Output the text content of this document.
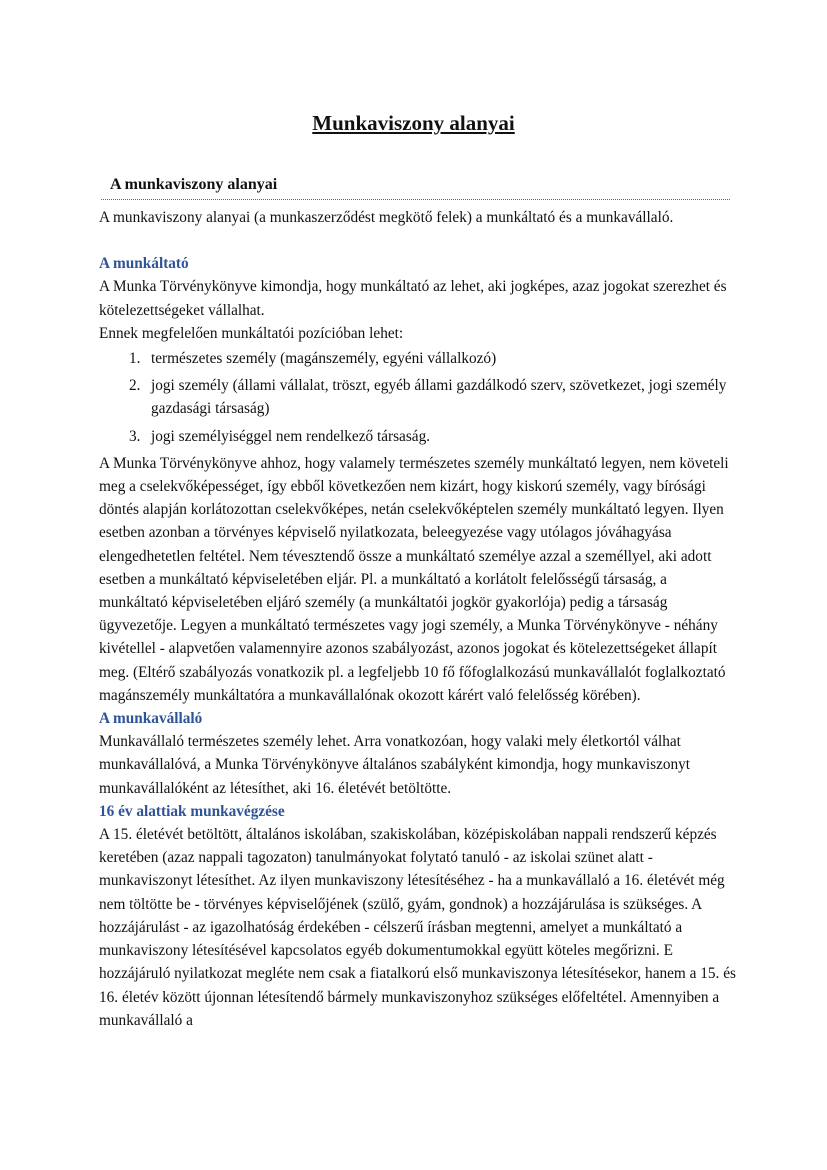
Munkaviszony alanyai
A munkaviszony alanyai

A munkaviszony alanyai (a munkaszerződést megkötő felek) a munkáltató és a munkavállaló.

A munkáltató

A Munka Törvénykönyve kimondja, hogy munkáltató az lehet, aki jogképes, azaz jogokat szerezhet és kötelezettségeket vállalhat.

Ennek megfelelően munkáltatói pozícióban lehet:

1. természetes személy (magánszemély, egyéni vállalkozó)
2. jogi személy (állami vállalat, tröszt, egyéb állami gazdálkodó szerv, szövetkezet, jogi személy gazdasági társaság)
3. jogi személyiséggel nem rendelkező társaság.

A Munka Törvénykönyve ahhoz, hogy valamely természetes személy munkáltató legyen, nem követeli meg a cselekvőképességet, így ebből következően nem kizárt, hogy kiskorú személy, vagy bírósági döntés alapján korlátozottan cselekvőképes, netán cselekvőképtelen személy munkáltató legyen. Ilyen esetben azonban a törvényes képviselő nyilatkozata, beleegyezése vagy utólagos jóváhagyása elengedhetetlen feltétel. Nem tévesztendő össze a munkáltató személye azzal a személlyel, aki adott esetben a munkáltató képviseletében eljár. Pl. a munkáltató a korlátolt felelősségű társaság, a munkáltató képviseletében eljáró személy (a munkáltatói jogkör gyakorlója) pedig a társaság ügyvezetője. Legyen a munkáltató természetes vagy jogi személy, a Munka Törvénykönyve - néhány kivétellel - alapvetően valamennyire azonos szabályozást, azonos jogokat és kötelezettségeket állapít meg. (Eltérő szabályozás vonatkozik pl. a legfeljebb 10 fő főfoglalkozású munkavállalót foglalkoztató magánszemély munkáltatóra a munkavállalónak okozott kárért való felelősség körében).

A munkavállaló

Munkavállaló természetes személy lehet. Arra vonatkozóan, hogy valaki mely életkortól válhat munkavállalóvá, a Munka Törvénykönyve általános szabályként kimondja, hogy munkaviszonyt munkavállalóként az létesíthet, aki 16. életévét betöltötte.

16 év alattiak munkavégzése

A 15. életévét betöltött, általános iskolában, szakiskolában, középiskolában nappali rendszerű képzés keretében (azaz nappali tagozaton) tanulmányokat folytató tanuló - az iskolai szünet alatt - munkaviszonyt létesíthet. Az ilyen munkaviszony létesítéséhez - ha a munkavállaló a 16. életévét még nem töltötte be - törvényes képviselőjének (szülő, gyám, gondnok) a hozzájárulása is szükséges. A hozzájárulást - az igazolhatóság érdekében - célszerű írásban megtenni, amelyet a munkáltató a munkaviszony létesítésével kapcsolatos egyéb dokumentumokkal együtt köteles megőrizni. E hozzájáruló nyilatkozat megléte nem csak a fiatalkorú első munkaviszonya létesítésekor, hanem a 15. és 16. életév között újonnan létesítendő bármely munkaviszonyhoz szükséges előfeltétel. Amennyiben a munkavállaló a
